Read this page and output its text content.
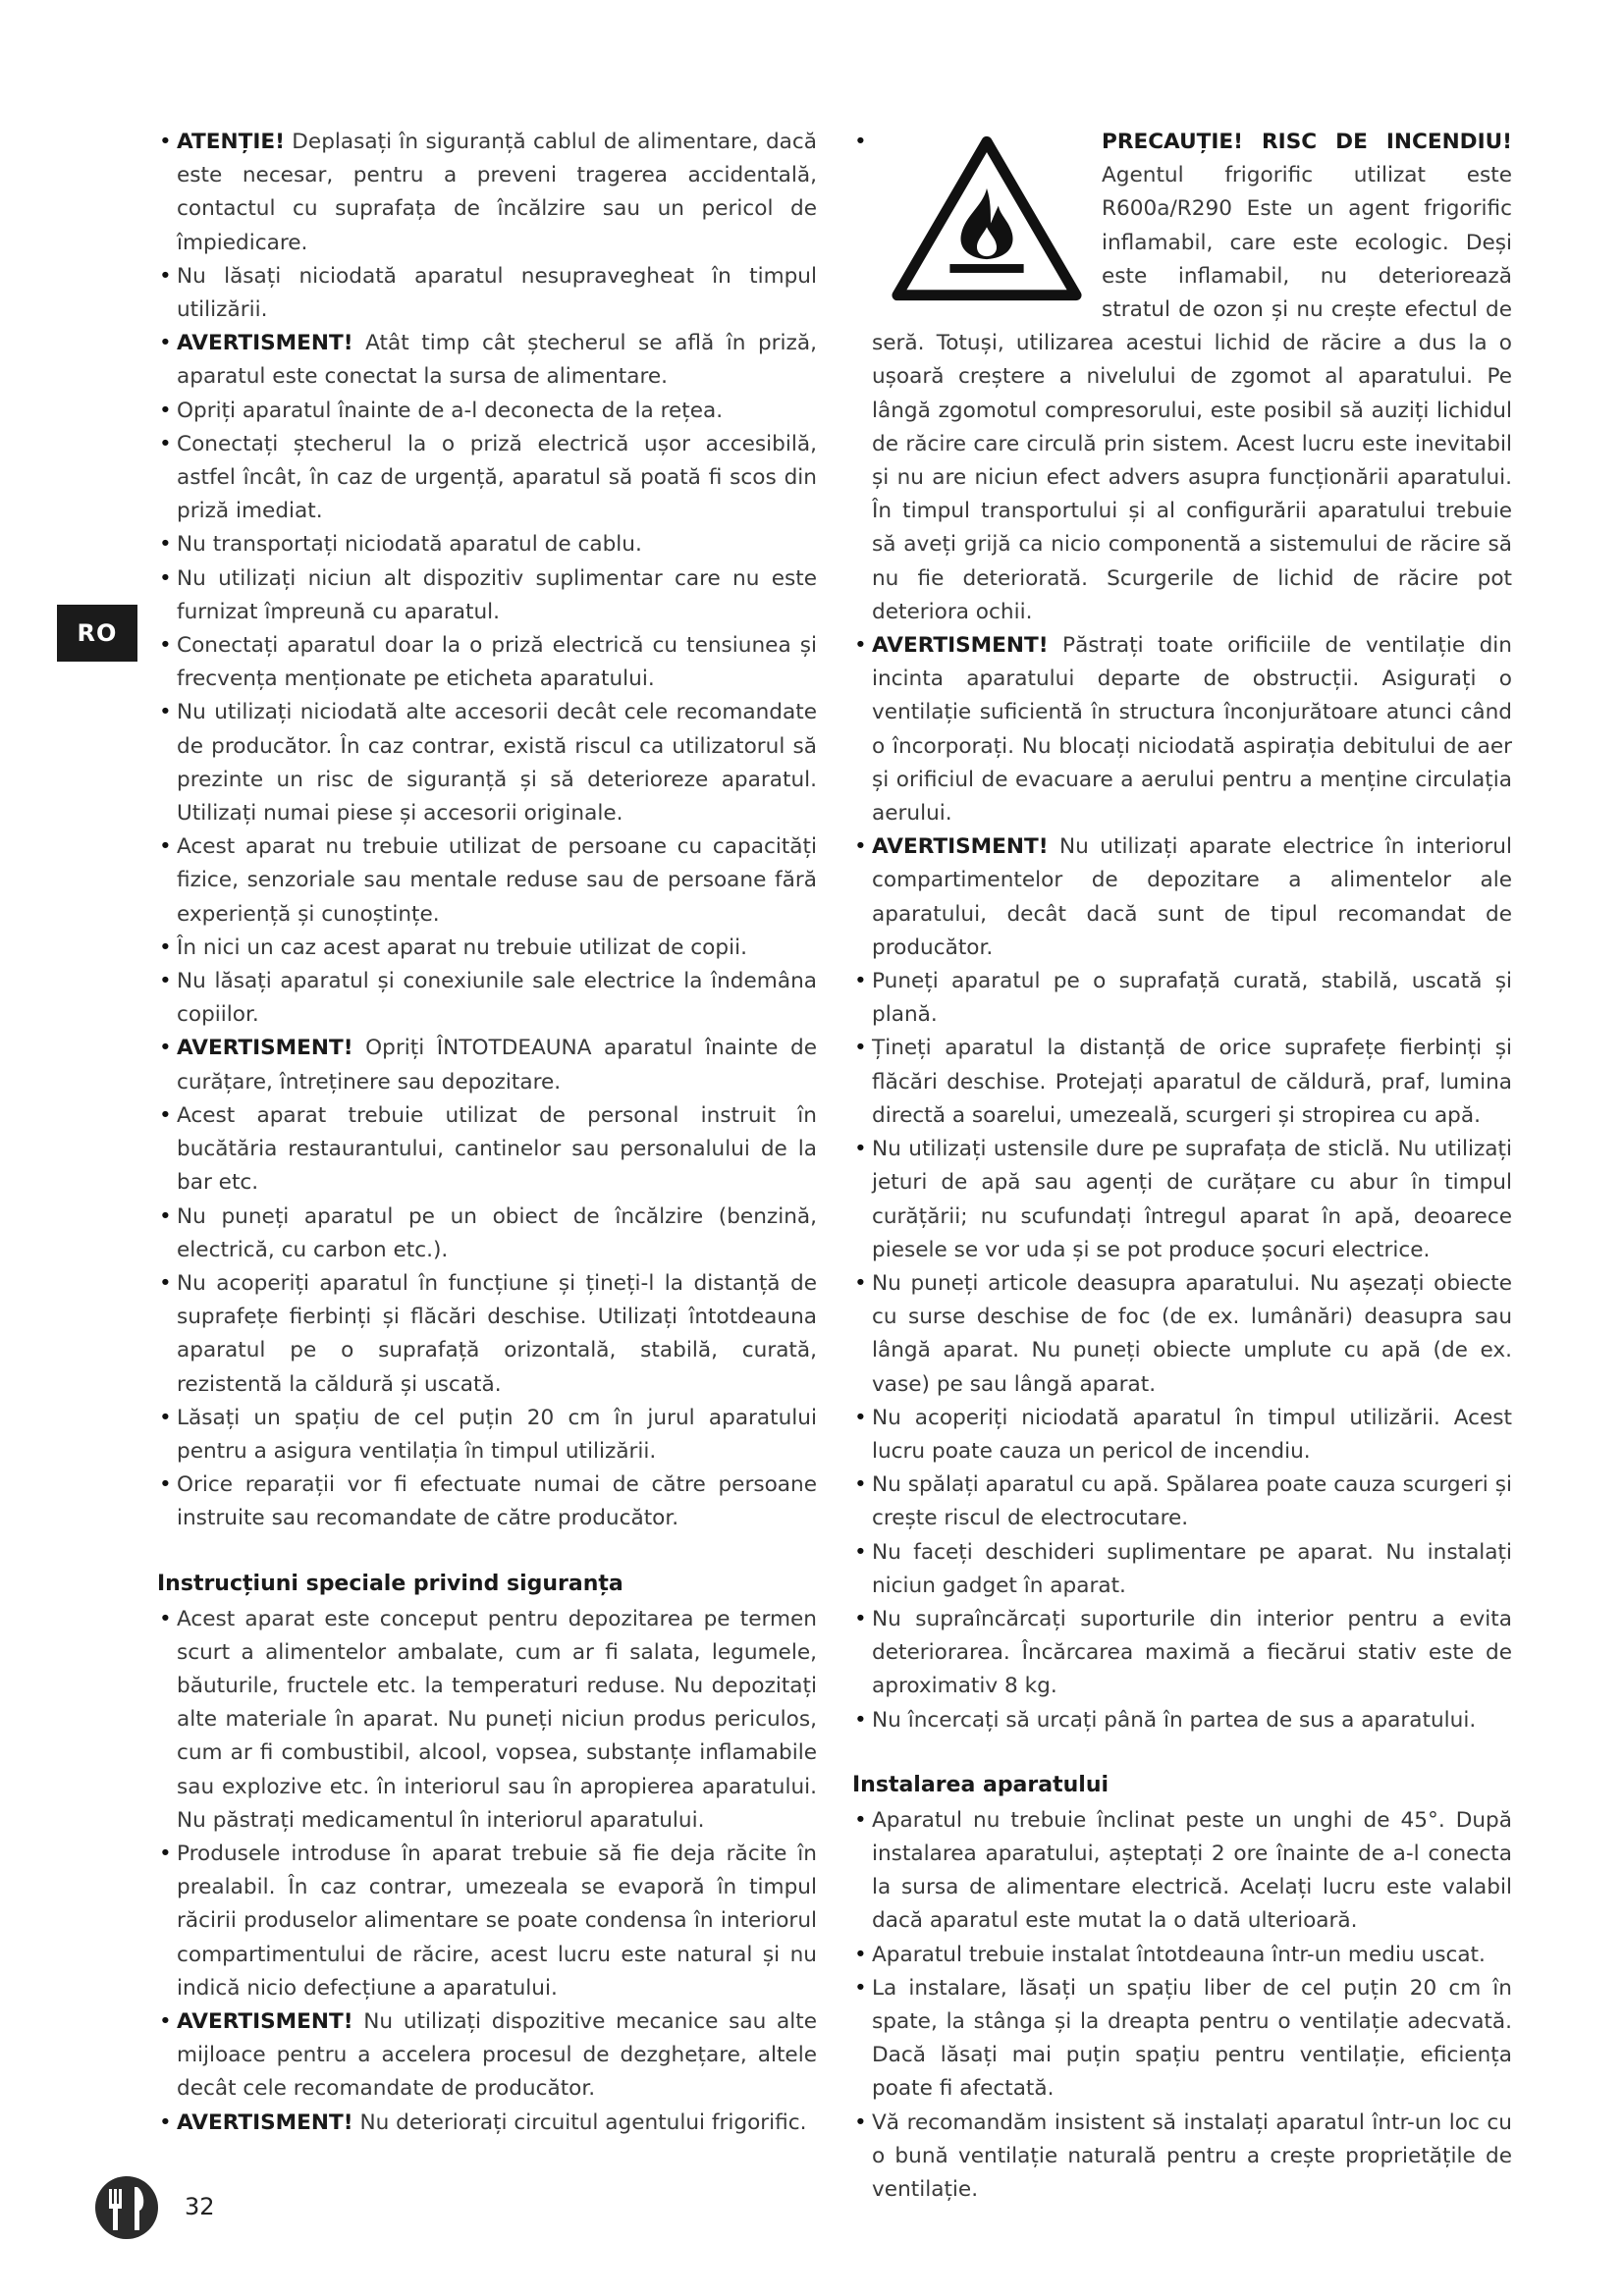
RO
• ATENȚIE! Deplasați în siguranță cablul de alimentare, dacă este necesar, pentru a preveni tragerea accidentală, contactul cu suprafața de încălzire sau un pericol de împiedicare.
• Nu lăsați niciodată aparatul nesupravegheat în timpul utilizării.
• AVERTISMENT! Atât timp cât ștecherul se află în priză, aparatul este conectat la sursa de alimentare.
• Opriți aparatul înainte de a-l deconecta de la rețea.
• Conectați ștecherul la o priză electrică ușor accesibilă, astfel încât, în caz de urgență, aparatul să poată fi scos din priză imediat.
• Nu transportați niciodată aparatul de cablu.
• Nu utilizați niciun alt dispozitiv suplimentar care nu este furnizat împreună cu aparatul.
• Conectați aparatul doar la o priză electrică cu tensiunea și frecvența menționate pe eticheta aparatului.
• Nu utilizați niciodată alte accesorii decât cele recomandate de producător. În caz contrar, există riscul ca utilizatorul să prezinte un risc de siguranță și să deterioreze aparatul. Utilizați numai piese și accesorii originale.
• Acest aparat nu trebuie utilizat de persoane cu capacități fizice, senzoriale sau mentale reduse sau de persoane fără experiență și cunoștințe.
• În nici un caz acest aparat nu trebuie utilizat de copii.
• Nu lăsați aparatul și conexiunile sale electrice la îndemâna copiilor.
• AVERTISMENT! Opriți ÎNTOTDEAUNA aparatul înainte de curățare, întreținere sau depozitare.
• Acest aparat trebuie utilizat de personal instruit în bucătăria restaurantului, cantinelor sau personalului de la bar etc.
• Nu puneți aparatul pe un obiect de încălzire (benzină, electrică, cu carbon etc.).
• Nu acoperiți aparatul în funcțiune și țineți-l la distanță de suprafețe fierbinți și flăcări deschise. Utilizați întotdeauna aparatul pe o suprafață orizontală, stabilă, curată, rezistentă la căldură și uscată.
• Lăsați un spațiu de cel puțin 20 cm în jurul aparatului pentru a asigura ventilația în timpul utilizării.
• Orice reparații vor fi efectuate numai de către persoane instruite sau recomandate de către producător.
Instrucțiuni speciale privind siguranța
• Acest aparat este conceput pentru depozitarea pe termen scurt a alimentelor ambalate, cum ar fi salata, legumele, băuturile, fructele etc. la temperaturi reduse. Nu depozitați alte materiale în aparat. Nu puneți niciun produs periculos, cum ar fi combustibil, alcool, vopsea, substanțe inflamabile sau explozive etc. în interiorul sau în apropierea aparatului. Nu păstrați medicamentul în interiorul aparatului.
• Produsele introduse în aparat trebuie să fie deja răcite în prealabil. În caz contrar, umezeala se evaporă în timpul răcirii produselor alimentare se poate condensa în interiorul compartimentului de răcire, acest lucru este natural și nu indică nicio defecțiune a aparatului.
• AVERTISMENT! Nu utilizați dispozitive mecanice sau alte mijloace pentru a accelera procesul de dezghețare, altele decât cele recomandate de producător.
• AVERTISMENT! Nu deteriorați circuitul agentului frigorific.
• PRECAUȚIE! RISC DE INCENDIU! Agentul frigorific utilizat este R600a/R290 Este un agent frigorific inflamabil, care este ecologic. Deși este inflamabil, nu deteriorează stratul de ozon și nu crește efectul de seră. Totuși, utilizarea acestui lichid de răcire a dus la o ușoară creștere a nivelului de zgomot al aparatului. Pe lângă zgomotul compresorului, este posibil să auziți lichidul de răcire care circulă prin sistem. Acest lucru este inevitabil și nu are niciun efect advers asupra funcționării aparatului. În timpul transportului și al configurării aparatului trebuie să aveți grijă ca nicio componentă a sistemului de răcire să nu fie deteriorată. Scurgerile de lichid de răcire pot deteriora ochii.
• AVERTISMENT! Păstrați toate orificiile de ventilație din incinta aparatului departe de obstrucții. Asigurați o ventilație suficientă în structura înconjurătoare atunci când o încorporați. Nu blocați niciodată aspirația debitului de aer și orificiul de evacuare a aerului pentru a menține circulația aerului.
• AVERTISMENT! Nu utilizați aparate electrice în interiorul compartimentelor de depozitare a alimentelor ale aparatului, decât dacă sunt de tipul recomandat de producător.
• Puneți aparatul pe o suprafață curată, stabilă, uscată și plană.
• Țineți aparatul la distanță de orice suprafețe fierbinți și flăcări deschise. Protejați aparatul de căldură, praf, lumina directă a soarelui, umezeală, scurgeri și stropirea cu apă.
• Nu utilizați ustensile dure pe suprafața de sticlă. Nu utilizați jeturi de apă sau agenți de curățare cu abur în timpul curățării; nu scufundați întregul aparat în apă, deoarece piesele se vor uda și se pot produce șocuri electrice.
• Nu puneți articole deasupra aparatului. Nu așezați obiecte cu surse deschise de foc (de ex. lumânări) deasupra sau lângă aparat. Nu puneți obiecte umplute cu apă (de ex. vase) pe sau lângă aparat.
• Nu acoperiți niciodată aparatul în timpul utilizării. Acest lucru poate cauza un pericol de incendiu.
• Nu spălați aparatul cu apă. Spălarea poate cauza scurgeri și crește riscul de electrocutare.
• Nu faceți deschideri suplimentare pe aparat. Nu instalați niciun gadget în aparat.
• Nu supraîncărcați suporturile din interior pentru a evita deteriorarea. Încărcarea maximă a fiecărui stativ este de aproximativ 8 kg.
• Nu încercați să urcați până în partea de sus a aparatului.
Instalarea aparatului
• Aparatul nu trebuie înclinat peste un unghi de 45°. După instalarea aparatului, așteptați 2 ore înainte de a-l conecta la sursa de alimentare electrică. Acelați lucru este valabil dacă aparatul este mutat la o dată ulterioară.
• Aparatul trebuie instalat întotdeauna într-un mediu uscat.
• La instalare, lăsați un spațiu liber de cel puțin 20 cm în spate, la stânga și la dreapta pentru o ventilație adecvată. Dacă lăsați mai puțin spațiu pentru ventilație, eficiența poate fi afectată.
• Vă recomandăm insistent să instalați aparatul într-un loc cu o bună ventilație naturală pentru a crește proprietățile de ventilație.
32
